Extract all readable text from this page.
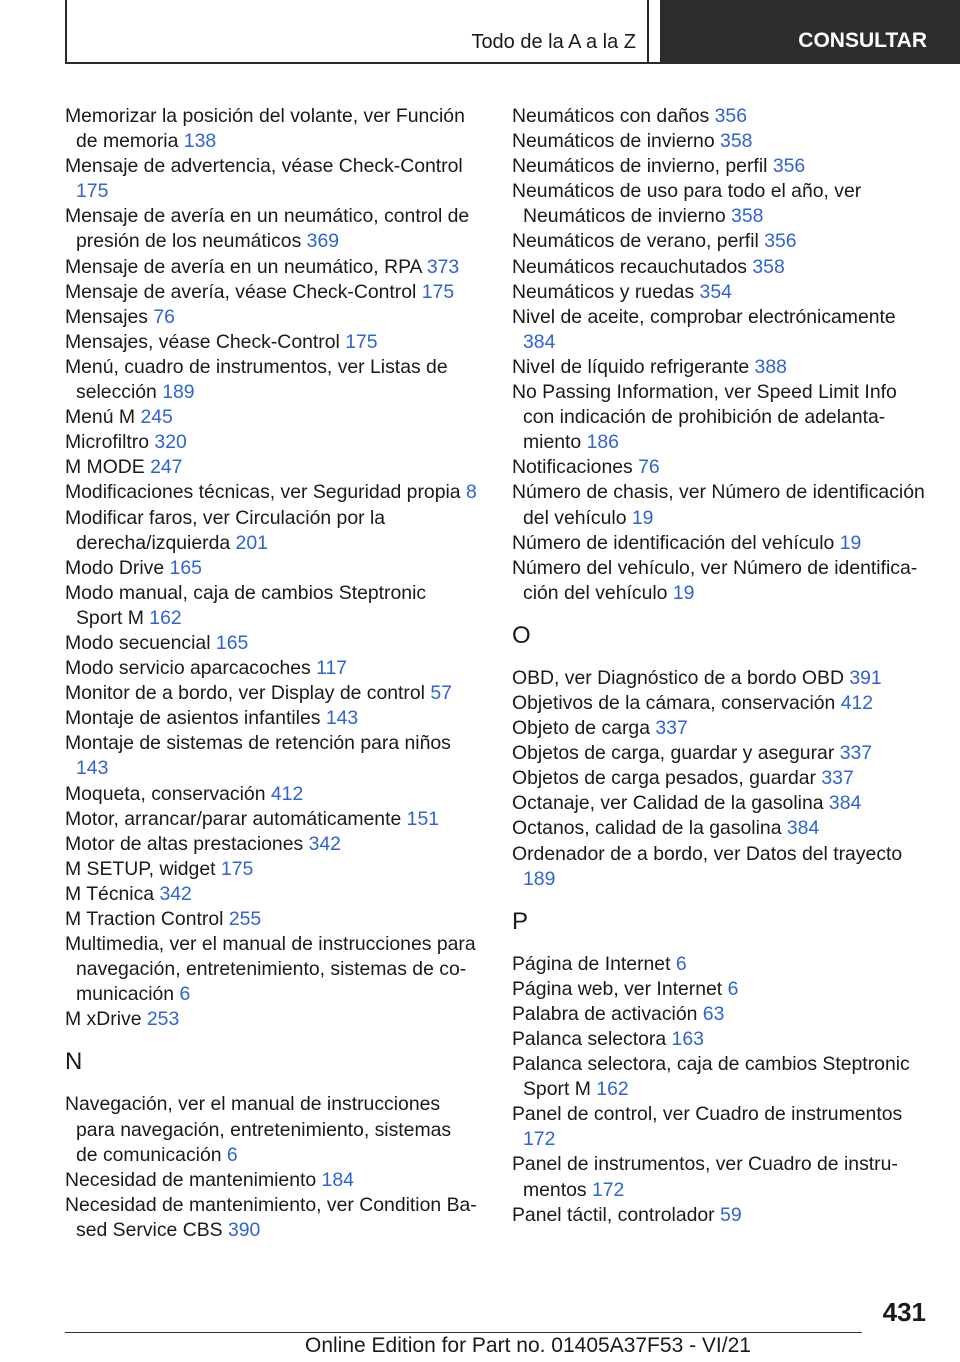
Todo de la A a la Z	CONSULTAR
Memorizar la posición del volante, ver Función de memoria 138
Mensaje de advertencia, véase Check-Control 175
Mensaje de avería en un neumático, control de presión de los neumáticos 369
Mensaje de avería en un neumático, RPA 373
Mensaje de avería, véase Check-Control 175
Mensajes 76
Mensajes, véase Check-Control 175
Menú, cuadro de instrumentos, ver Listas de selección 189
Menú M 245
Microfiltro 320
M MODE 247
Modificaciones técnicas, ver Seguridad propia 8
Modificar faros, ver Circulación por la derecha/izquierda 201
Modo Drive 165
Modo manual, caja de cambios Steptronic Sport M 162
Modo secuencial 165
Modo servicio aparcacoches 117
Monitor de a bordo, ver Display de control 57
Montaje de asientos infantiles 143
Montaje de sistemas de retención para niños 143
Moqueta, conservación 412
Motor, arrancar/parar automáticamente 151
Motor de altas prestaciones 342
M SETUP, widget 175
M Técnica 342
M Traction Control 255
Multimedia, ver el manual de instrucciones para navegación, entretenimiento, sistemas de comunicación 6
M xDrive 253
N
Navegación, ver el manual de instrucciones para navegación, entretenimiento, sistemas de comunicación 6
Necesidad de mantenimiento 184
Necesidad de mantenimiento, ver Condition Based Service CBS 390
Neumáticos con daños 356
Neumáticos de invierno 358
Neumáticos de invierno, perfil 356
Neumáticos de uso para todo el año, ver Neumáticos de invierno 358
Neumáticos de verano, perfil 356
Neumáticos recauchutados 358
Neumáticos y ruedas 354
Nivel de aceite, comprobar electrónicamente 384
Nivel de líquido refrigerante 388
No Passing Information, ver Speed Limit Info con indicación de prohibición de adelantamiento 186
Notificaciones 76
Número de chasis, ver Número de identificación del vehículo 19
Número de identificación del vehículo 19
Número del vehículo, ver Número de identificación del vehículo 19
O
OBD, ver Diagnóstico de a bordo OBD 391
Objetivos de la cámara, conservación 412
Objeto de carga 337
Objetos de carga, guardar y asegurar 337
Objetos de carga pesados, guardar 337
Octanaje, ver Calidad de la gasolina 384
Octanos, calidad de la gasolina 384
Ordenador de a bordo, ver Datos del trayecto 189
P
Página de Internet 6
Página web, ver Internet 6
Palabra de activación 63
Palanca selectora 163
Palanca selectora, caja de cambios Steptronic Sport M 162
Panel de control, ver Cuadro de instrumentos 172
Panel de instrumentos, ver Cuadro de instrumentos 172
Panel táctil, controlador 59
431
Online Edition for Part no. 01405A37F53 - VI/21
